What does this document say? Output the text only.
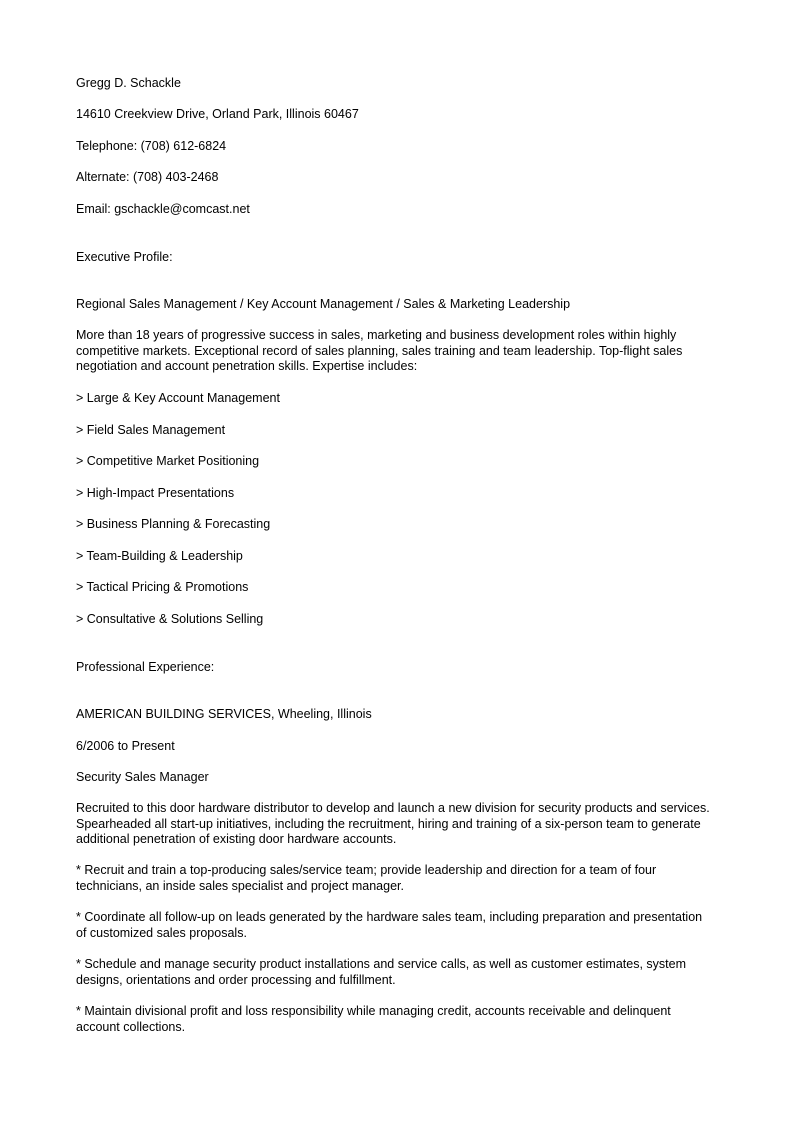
Gregg D. Schackle
14610 Creekview Drive, Orland Park, Illinois 60467
Telephone: (708) 612-6824
Alternate: (708) 403-2468
Email: gschackle@comcast.net
Executive Profile:
Regional Sales Management / Key Account Management / Sales & Marketing Leadership
More than 18 years of progressive success in sales, marketing and business development roles within highly competitive markets. Exceptional record of sales planning, sales training and team leadership. Top-flight sales negotiation and account penetration skills. Expertise includes:
> Large & Key Account Management
> Field Sales Management
> Competitive Market Positioning
> High-Impact Presentations
> Business Planning & Forecasting
> Team-Building & Leadership
> Tactical Pricing & Promotions
> Consultative & Solutions Selling
Professional Experience:
AMERICAN BUILDING SERVICES, Wheeling, Illinois
6/2006 to Present
Security Sales Manager
Recruited to this door hardware distributor to develop and launch a new division for security products and services. Spearheaded all start-up initiatives, including the recruitment, hiring and training of a six-person team to generate additional penetration of existing door hardware accounts.
* Recruit and train a top-producing sales/service team; provide leadership and direction for a team of four technicians, an inside sales specialist and project manager.
* Coordinate all follow-up on leads generated by the hardware sales team, including preparation and presentation of customized sales proposals.
* Schedule and manage security product installations and service calls, as well as customer estimates, system designs, orientations and order processing and fulfillment.
* Maintain divisional profit and loss responsibility while managing credit, accounts receivable and delinquent account collections.
